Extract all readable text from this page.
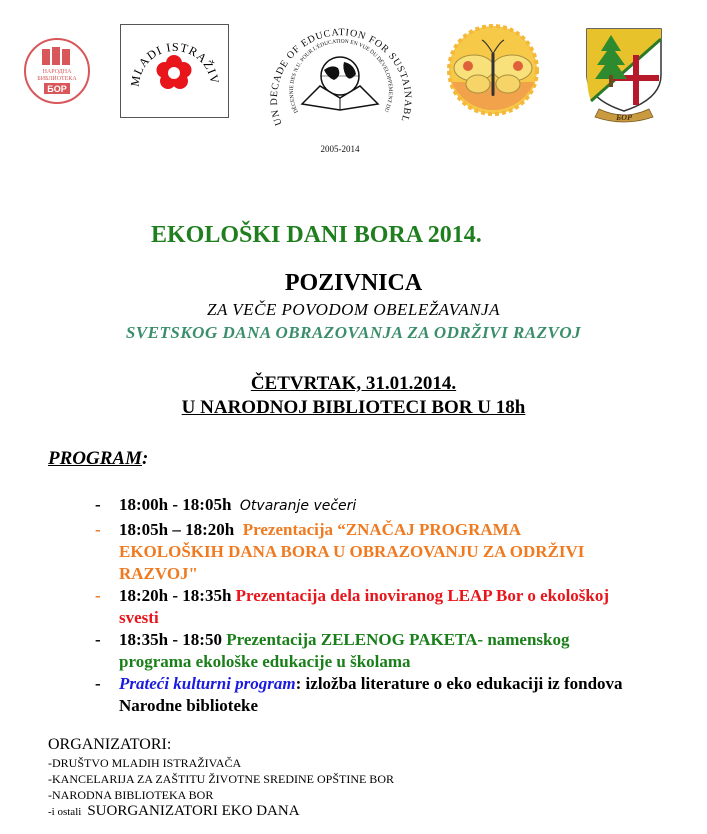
НАРОДНА
БИБЛИОТЕКА
БОР
MLADI ISTRAŽIV
UN DECADE OF EDUCATION FOR SUSTAINABL
DÉCENNIE DES N.U. POUR L'ÉDUCATION EN VUE DU DÉVELOPPEMENT DU
2005-2014
БОР
EKOLOŠKI DANI BORA 2014.
POZIVNICA
ZA VEČE POVODOM OBELEŽAVANJA
SVETSKOG DANA OBRAZOVANJA ZA ODRŽIVI RAZVOJ
ČETVRTAK, 31.01.2014.
U NARODNOJ BIBLIOTECI BOR U 18h
PROGRAM:
- 18:00h - 18:05h Otvaranje večeri
- 18:05h – 18:20h Prezentacija “ZNAČAJ PROGRAMA EKOLOŠKIH DANA BORA U OBRAZOVANJU ZA ODRŽIVI RAZVOJ"
- 18:20h - 18:35h Prezentacija dela inoviranog LEAP Bor o ekološkoj svesti
- 18:35h - 18:50 Prezentacija ZELENOG PAKETA- namenskog programa ekološke edukacije u školama
- Prateći kulturni program: izložba literature o eko edukaciji iz fondova Narodne biblioteke
ORGANIZATORI:
-DRUŠTVO MLADIH ISTRAŽIVAČA
-KANCELARIJA ZA ZAŠTITU ŽIVOTNE SREDINE OPŠTINE BOR
-NARODNA BIBLIOTEKA BOR
-i ostali SUORGANIZATORI EKO DANA
